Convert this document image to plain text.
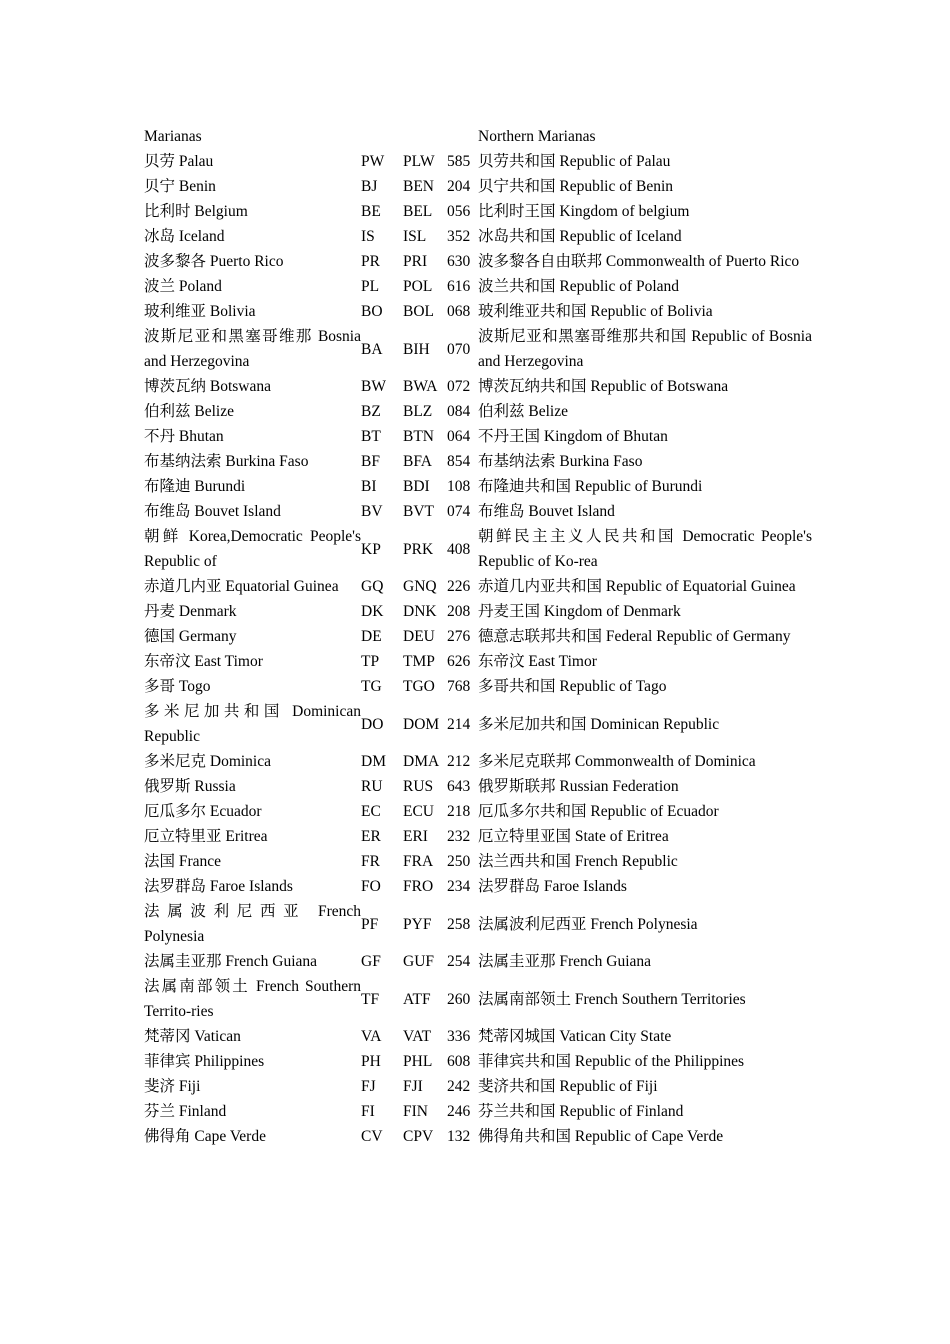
Marianas				Northern Marianas
贝劳 Palau	PW	PLW	585	贝劳共和国 Republic of Palau
贝宁 Benin	BJ	BEN	204	贝宁共和国 Republic of Benin
比利时 Belgium	BE	BEL	056	比利时王国 Kingdom of belgium
冰岛 Iceland	IS	ISL	352	冰岛共和国 Republic of Iceland
波多黎各 Puerto Rico	PR	PRI	630	波多黎各自由联邦 Commonwealth of Puerto Rico
波兰 Poland	PL	POL	616	波兰共和国 Republic of Poland
玻利维亚 Bolivia	BO	BOL	068	玻利维亚共和国 Republic of Bolivia
波斯尼亚和黑塞哥维那 Bosnia and Herzegovina	BA	BIH	070	波斯尼亚和黑塞哥维那共和国 Republic of Bosnia and Herzegovina
博茨瓦纳 Botswana	BW	BWA	072	博茨瓦纳共和国 Republic of Botswana
伯利兹 Belize	BZ	BLZ	084	伯利兹 Belize
不丹 Bhutan	BT	BTN	064	不丹王国 Kingdom of Bhutan
布基纳法索 Burkina Faso	BF	BFA	854	布基纳法索 Burkina Faso
布隆迪 Burundi	BI	BDI	108	布隆迪共和国 Republic of Burundi
布维岛 Bouvet Island	BV	BVT	074	布维岛 Bouvet Island
朝鲜 Korea,Democratic People's Republic of	KP	PRK	408	朝鲜民主主义人民共和国 Democratic People's Republic of Ko-rea
赤道几内亚 Equatorial Guinea	GQ	GNQ	226	赤道几内亚共和国 Republic of Equatorial Guinea
丹麦 Denmark	DK	DNK	208	丹麦王国 Kingdom of Denmark
德国 Germany	DE	DEU	276	德意志联邦共和国 Federal Republic of Germany
东帝汶 East Timor	TP	TMP	626	东帝汶 East Timor
多哥 Togo	TG	TGO	768	多哥共和国 Republic of Tago
多米尼加共和国 Dominican Republic	DO	DOM	214	多米尼加共和国 Dominican Republic
多米尼克 Dominica	DM	DMA	212	多米尼克联邦 Commonwealth of Dominica
俄罗斯 Russia	RU	RUS	643	俄罗斯联邦 Russian Federation
厄瓜多尔 Ecuador	EC	ECU	218	厄瓜多尔共和国 Republic of Ecuador
厄立特里亚 Eritrea	ER	ERI	232	厄立特里亚国 State of Eritrea
法国 France	FR	FRA	250	法兰西共和国 French Republic
法罗群岛 Faroe Islands	FO	FRO	234	法罗群岛 Faroe Islands
法属波利尼西亚 French Polynesia	PF	PYF	258	法属波利尼西亚 French Polynesia
法属圭亚那 French Guiana	GF	GUF	254	法属圭亚那 French Guiana
法属南部领土 French Southern Territo-ries	TF	ATF	260	法属南部领土 French Southern Territories
梵蒂冈 Vatican	VA	VAT	336	梵蒂冈城国 Vatican City State
菲律宾 Philippines	PH	PHL	608	菲律宾共和国 Republic of the Philippines
斐济 Fiji	FJ	FJI	242	斐济共和国 Republic of Fiji
芬兰 Finland	FI	FIN	246	芬兰共和国 Republic of Finland
佛得角 Cape Verde	CV	CPV	132	佛得角共和国 Republic of Cape Verde
